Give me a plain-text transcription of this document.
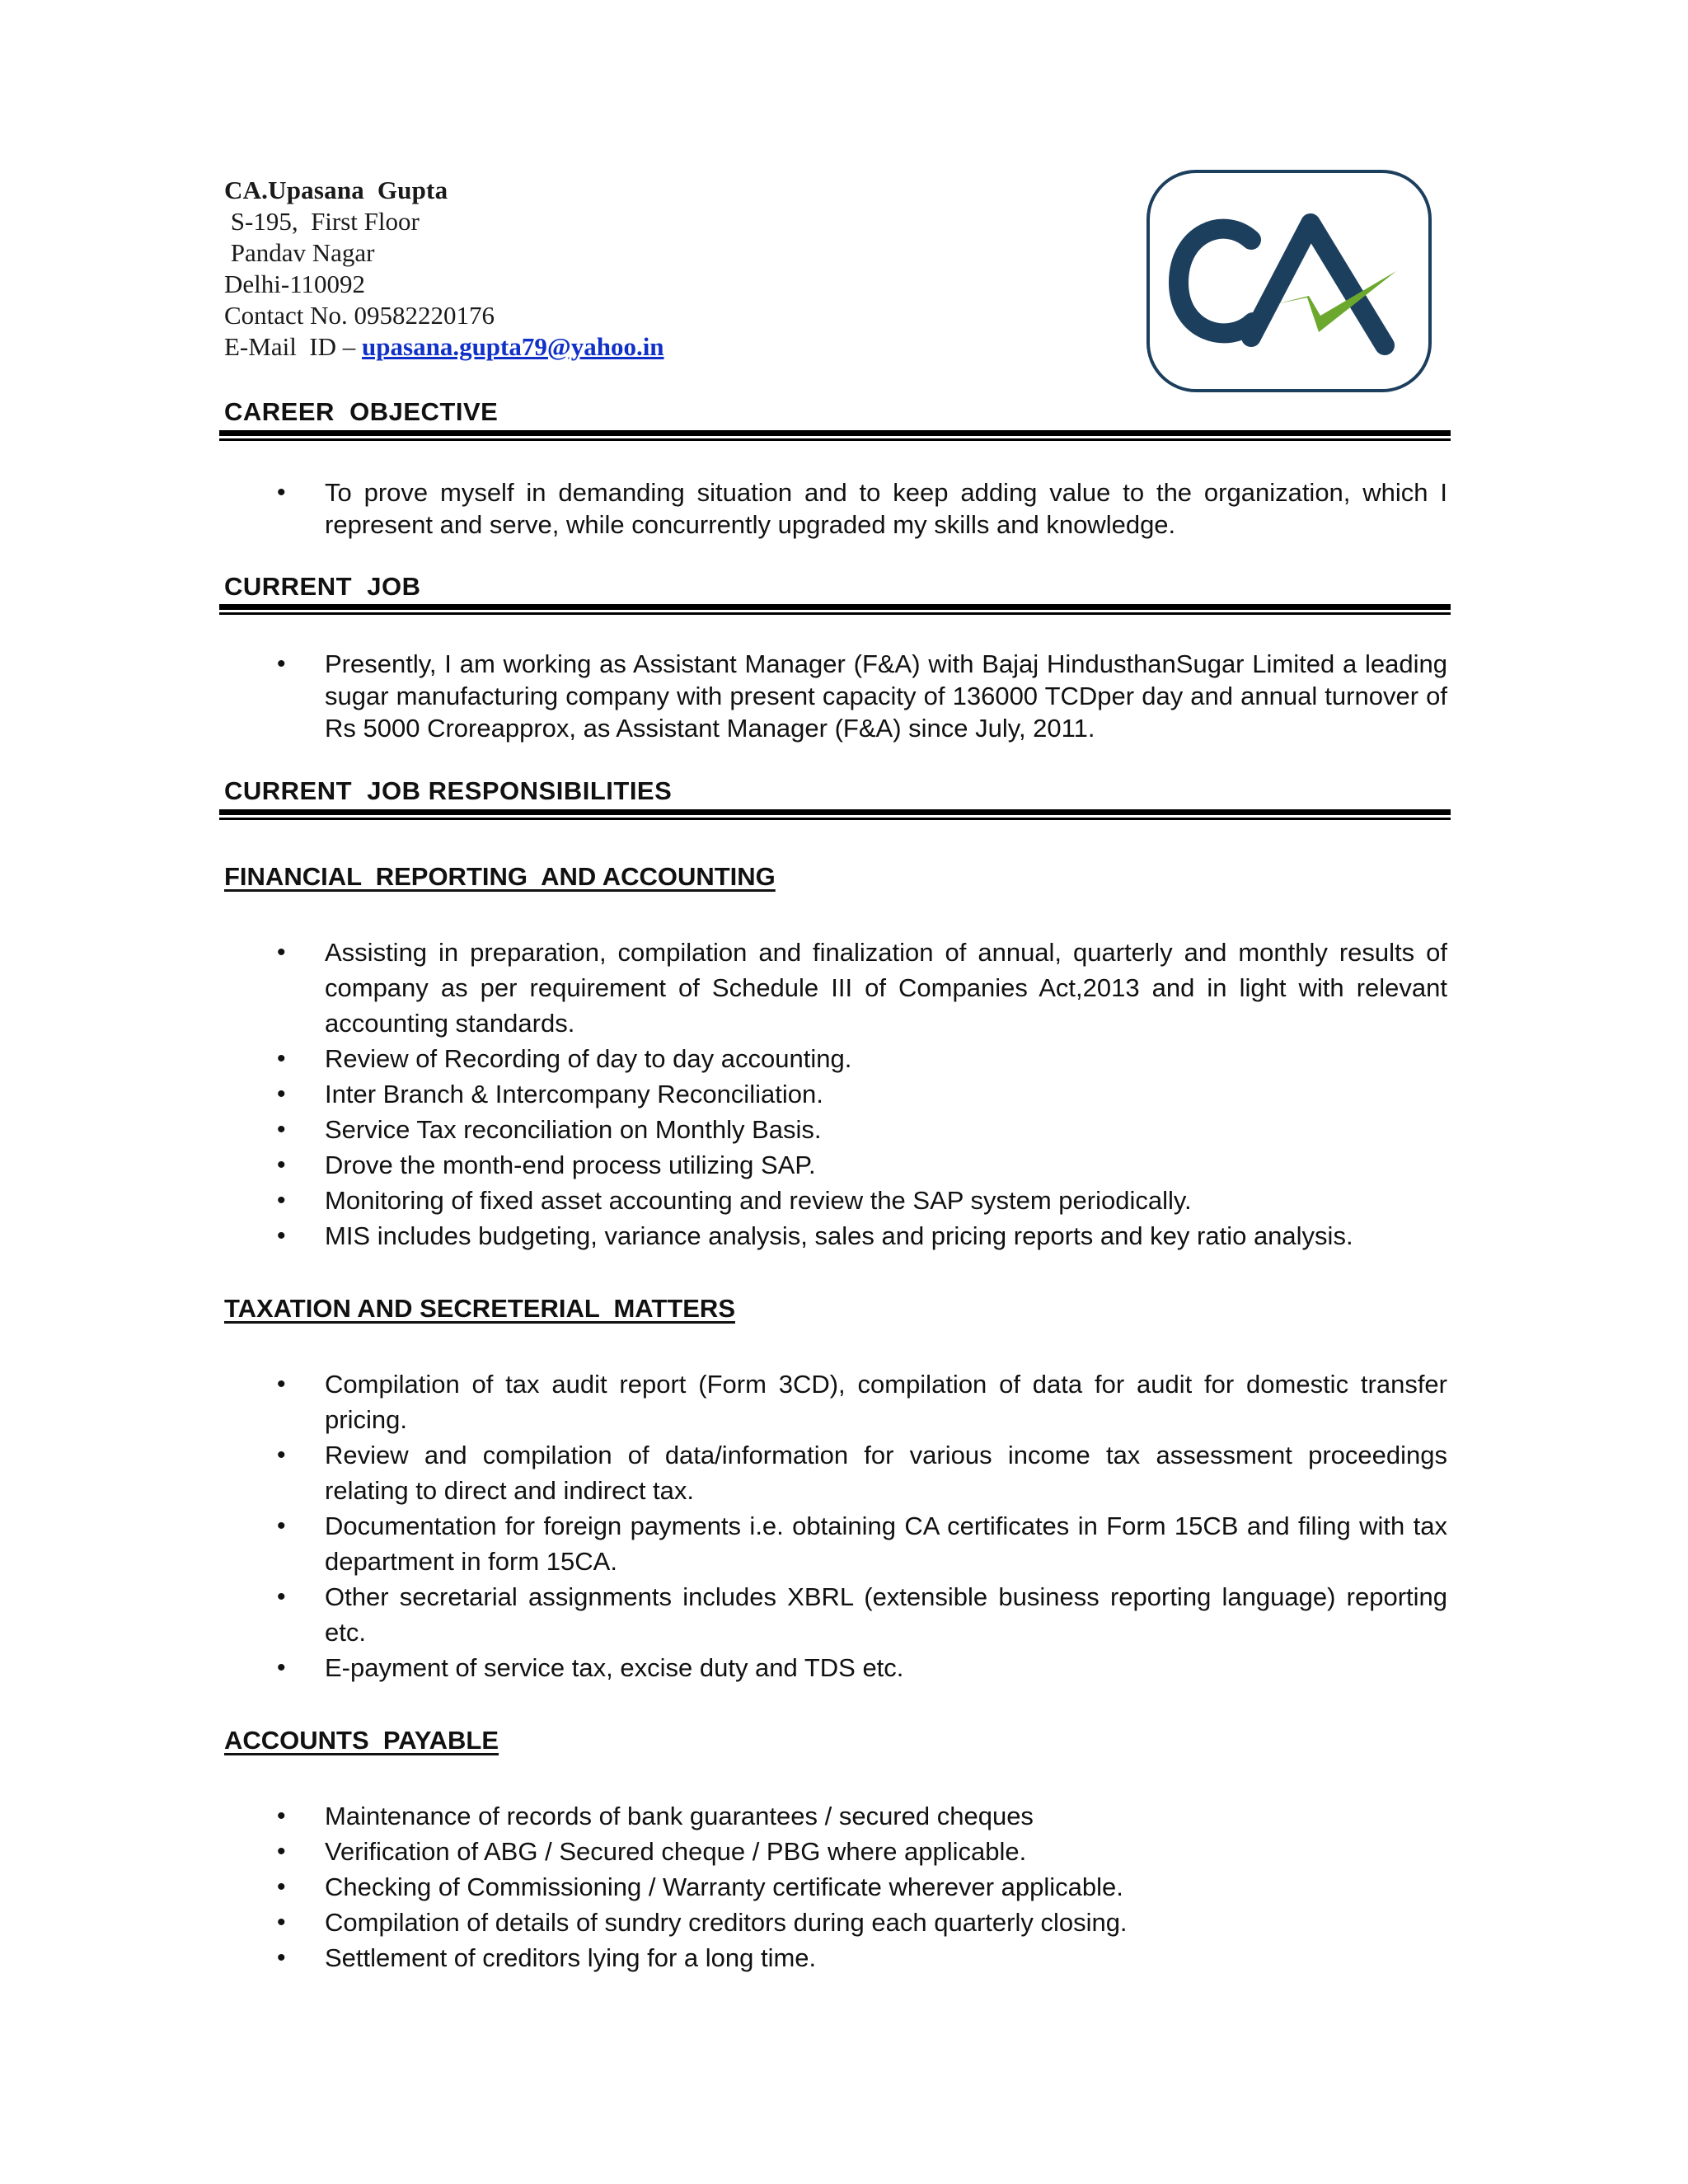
CA.Upasana  Gupta
S-195,  First Floor
Pandav Nagar
Delhi-110092
Contact No. 09582220176
E-Mail  ID – upasana.gupta79@yahoo.in
CAREER  OBJECTIVE
• To prove myself in demanding situation and to keep adding value to the organization, which I represent and serve, while concurrently upgraded my skills and knowledge.
CURRENT  JOB
• Presently, I am working as Assistant Manager (F&A) with Bajaj HindusthanSugar Limited a leading sugar manufacturing company with present capacity of 136000 TCDper day and annual turnover of Rs 5000 Croreapprox, as Assistant Manager (F&A) since July, 2011.
CURRENT  JOB RESPONSIBILITIES
FINANCIAL  REPORTING  AND ACCOUNTING
• Assisting in preparation, compilation and finalization of annual, quarterly and monthly results of company as per requirement of Schedule III of Companies Act,2013 and in light with relevant accounting standards.
• Review of Recording of day to day accounting.
• Inter Branch & Intercompany Reconciliation.
• Service Tax reconciliation on Monthly Basis.
• Drove the month-end process utilizing SAP.
• Monitoring of fixed asset accounting and review the SAP system periodically.
• MIS includes budgeting, variance analysis, sales and pricing reports and key ratio analysis.
TAXATION AND SECRETERIAL  MATTERS
• Compilation of tax audit report (Form 3CD), compilation of data for audit for domestic transfer pricing.
• Review and compilation of data/information for various income tax assessment proceedings relating to direct and indirect tax.
• Documentation for foreign payments i.e. obtaining CA certificates in Form 15CB and filing with tax department in form 15CA.
• Other secretarial assignments includes XBRL (extensible business reporting language) reporting etc.
• E-payment of service tax, excise duty and TDS etc.
ACCOUNTS  PAYABLE
• Maintenance of records of bank guarantees / secured cheques
• Verification of ABG / Secured cheque / PBG where applicable.
• Checking of Commissioning / Warranty certificate wherever applicable.
• Compilation of details of sundry creditors during each quarterly closing.
• Settlement of creditors lying for a long time.
